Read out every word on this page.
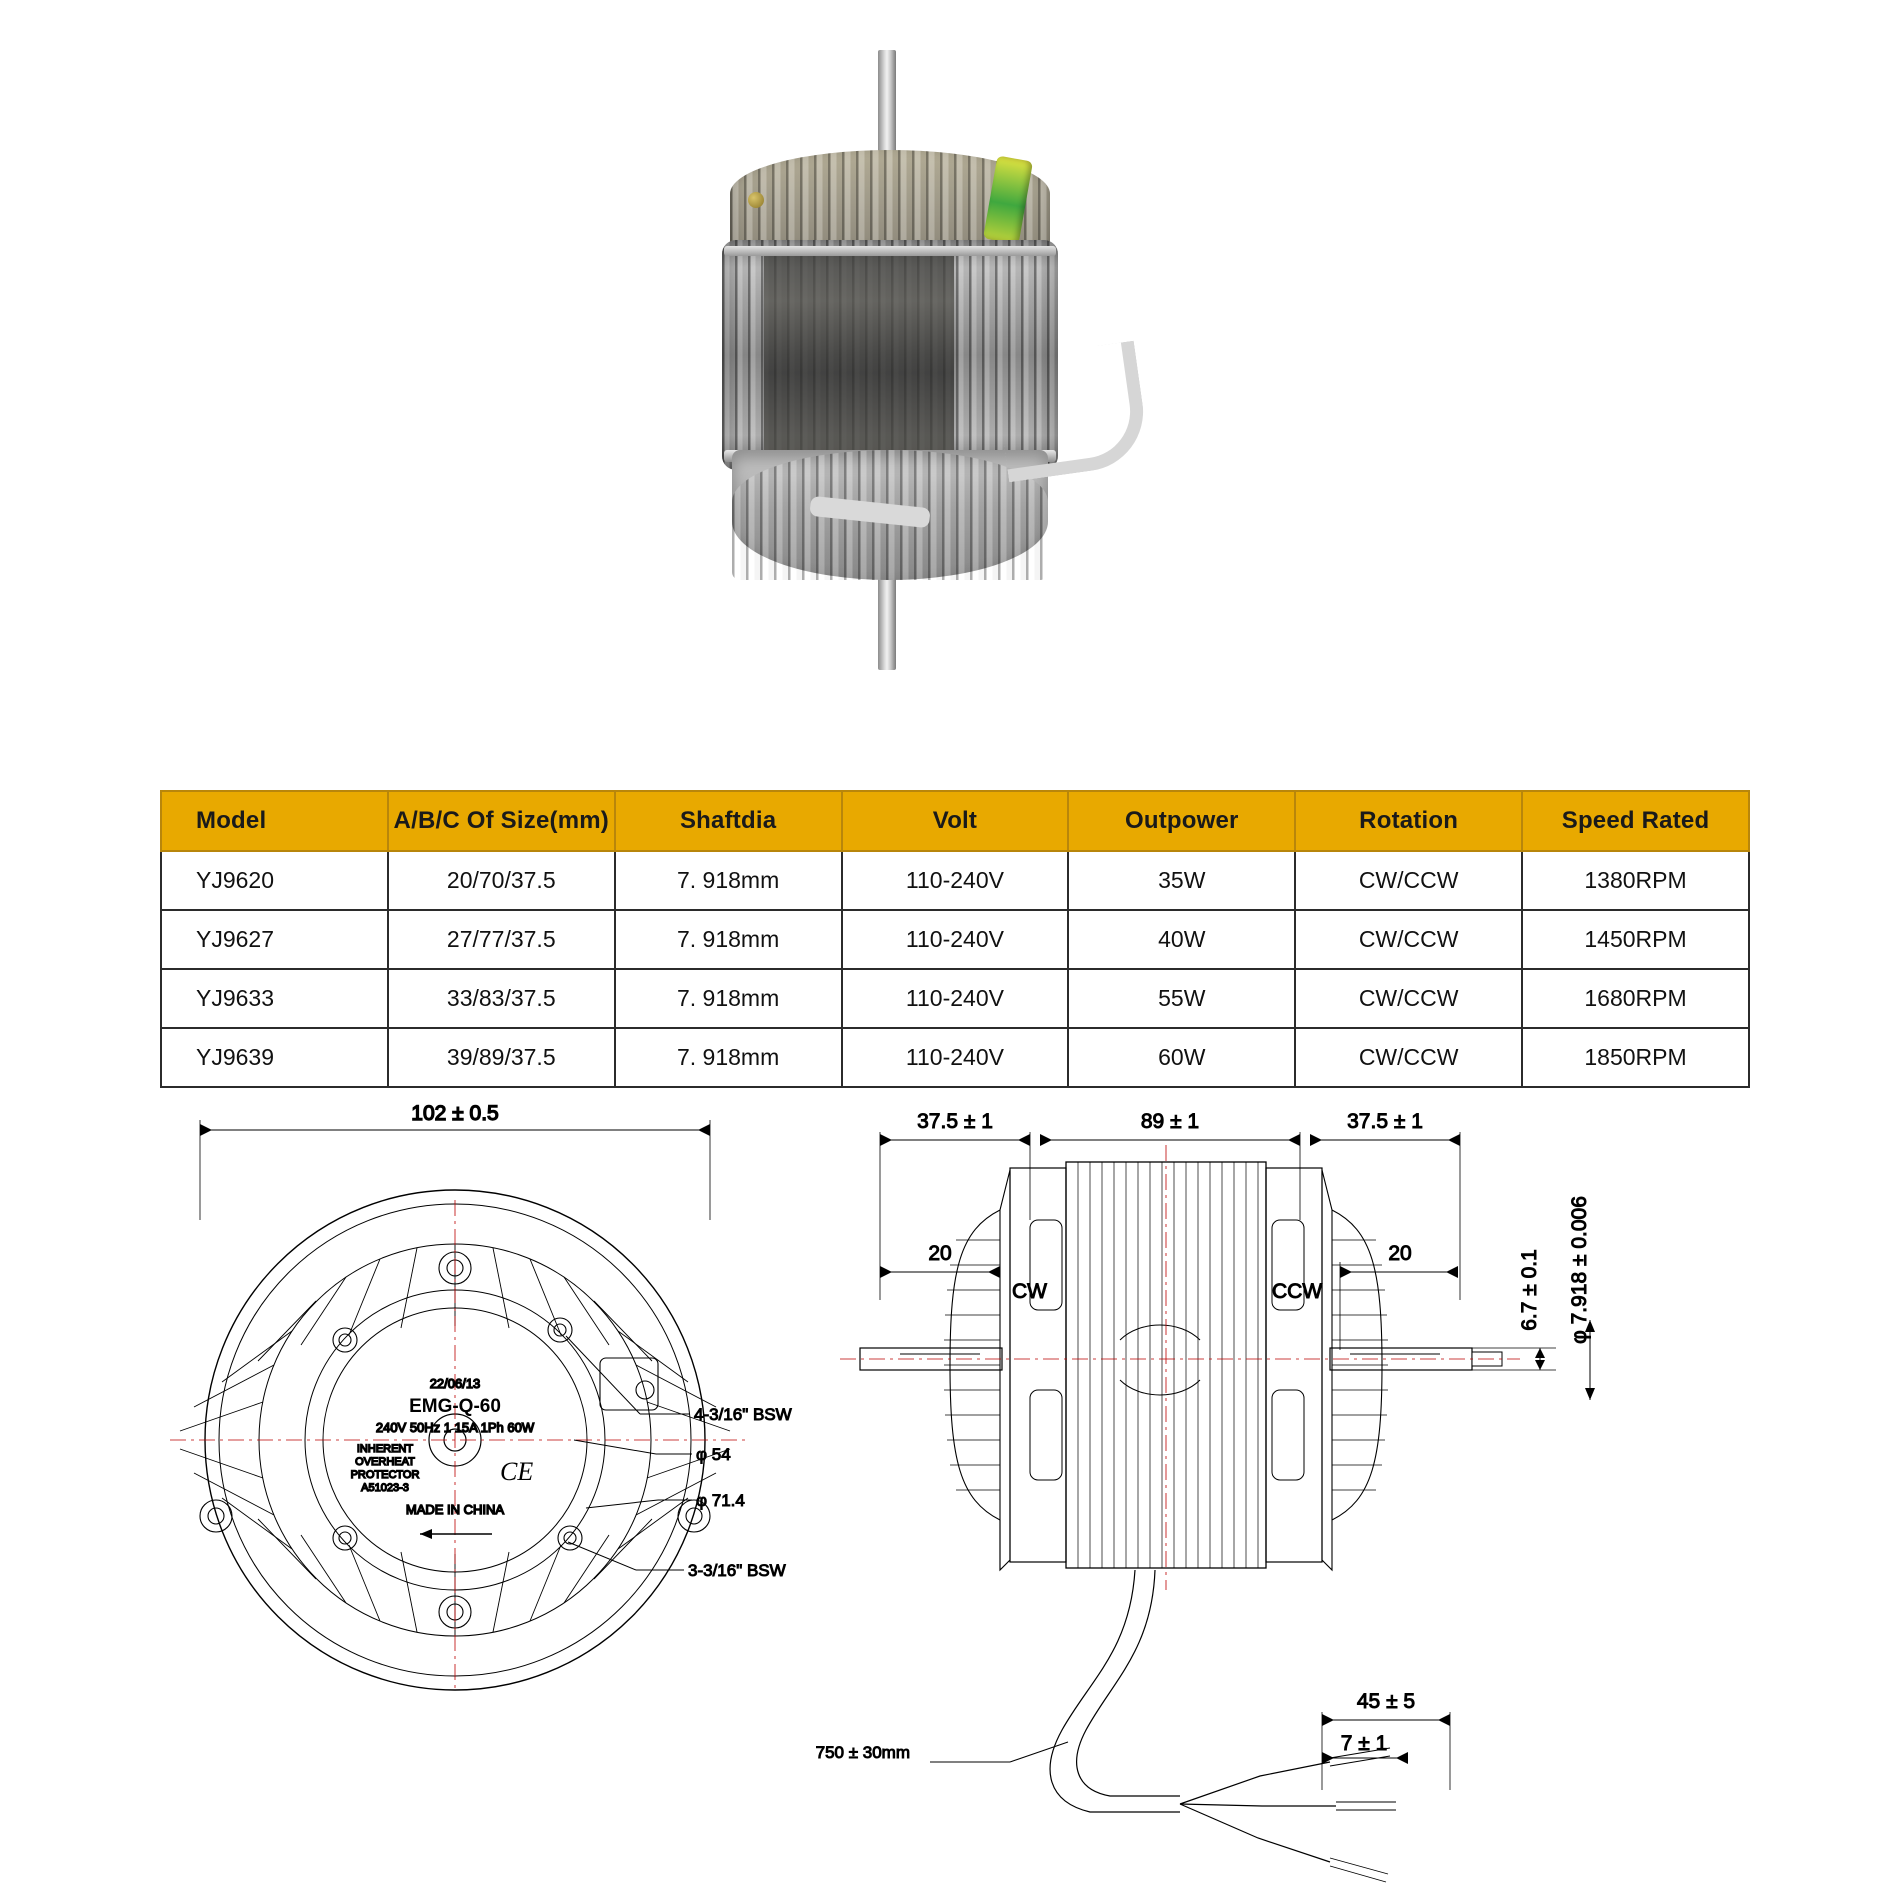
Model	A/B/C Of Size(mm)	Shaftdia	Volt	Outpower	Rotation	Speed Rated
YJ9620	20/70/37.5	7. 918mm	110-240V	35W	CW/CCW	1380RPM
YJ9627	27/77/37.5	7. 918mm	110-240V	40W	CW/CCW	1450RPM
YJ9633	33/83/37.5	7. 918mm	110-240V	55W	CW/CCW	1680RPM
YJ9639	39/89/37.5	7. 918mm	110-240V	60W	CW/CCW	1850RPM
102 ± 0.5
22/06/13
EMG-Q-60
240V 50Hz 1 15A 1Ph 60W
INHERENT
OVERHEAT
PROTECTOR
A51023-3
CE
MADE IN CHINA
4-3/16" BSW
φ 54
φ 71.4
3-3/16" BSW
37.5 ± 1	89 ± 1	37.5 ± 1
20
CW
20
CCW	6.7 ± 0.1 φ 7.918 ± 0.006
750 ± 30mm
45 ± 5
7 ± 1
